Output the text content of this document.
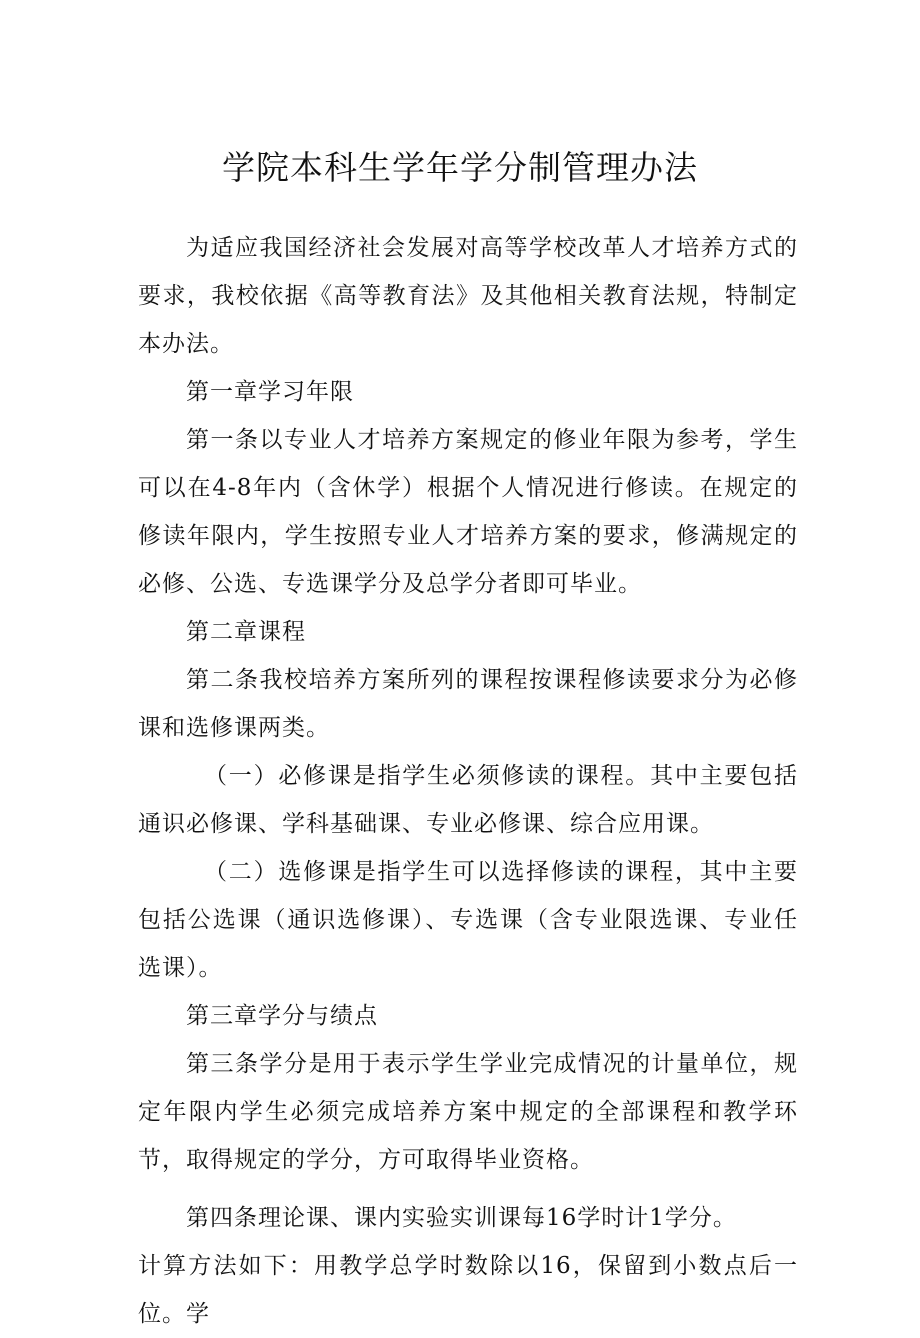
学院本科生学年学分制管理办法

为适应我国经济社会发展对高等学校改革人才培养方式的要求，我校依据《高等教育法》及其他相关教育法规，特制定本办法。

第一章学习年限

第一条以专业人才培养方案规定的修业年限为参考，学生可以在4-8年内（含休学）根据个人情况进行修读。在规定的修读年限内，学生按照专业人才培养方案的要求，修满规定的必修、公选、专选课学分及总学分者即可毕业。

第二章课程

第二条我校培养方案所列的课程按课程修读要求分为必修课和选修课两类。

（一）必修课是指学生必须修读的课程。其中主要包括通识必修课、学科基础课、专业必修课、综合应用课。

（二）选修课是指学生可以选择修读的课程，其中主要包括公选课（通识选修课）、专选课（含专业限选课、专业任选课）。

第三章学分与绩点

第三条学分是用于表示学生学业完成情况的计量单位，规定年限内学生必须完成培养方案中规定的全部课程和教学环节，取得规定的学分，方可取得毕业资格。

第四条理论课、课内实验实训课每16学时计1学分。

计算方法如下：用教学总学时数除以16，保留到小数点后一位。学
